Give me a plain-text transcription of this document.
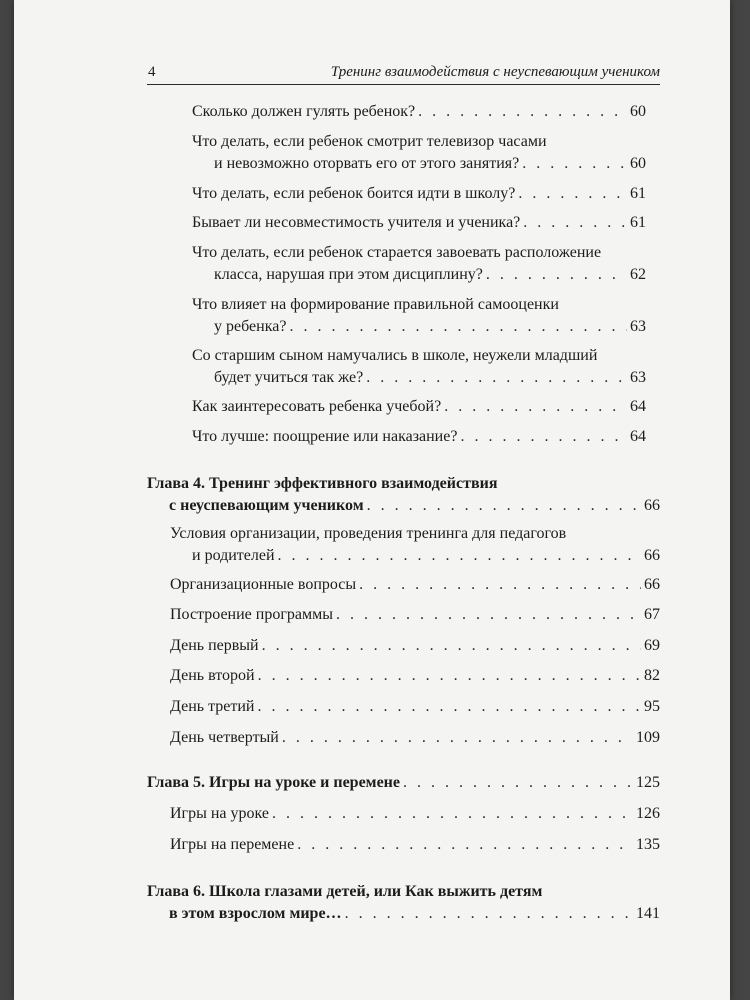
4	Тренинг взаимодействия с неуспевающим учеником
Сколько должен гулять ребенок? . . .	60
Что делать, если ребенок смотрит телевизор часами
и невозможно оторвать его от этого занятия? . . .	60
Что делать, если ребенок боится идти в школу? . . .	61
Бывает ли несовместимость учителя и ученика? . . .	61
Что делать, если ребенок старается завоевать расположение
класса, нарушая при этом дисциплину? . . .	62
Что влияет на формирование правильной самооценки
у ребенка? . . .	63
Со старшим сыном намучались в школе, неужели младший
будет учиться так же? . . .	63
Как заинтересовать ребенка учебой? . . .	64
Что лучше: поощрение или наказание? . . .	64
Глава 4. Тренинг эффективного взаимодействия
с неуспевающим учеником . . .	66
Условия организации, проведения тренинга для педагогов
и родителей . . .	66
Организационные вопросы . . .	66
Построение программы . . .	67
День первый . . .	69
День второй . . .	82
День третий . . .	95
День четвертый . . .	109
Глава 5. Игры на уроке и перемене . . .	125
Игры на уроке . . .	126
Игры на перемене . . .	135
Глава 6. Школа глазами детей, или Как выжить детям
в этом взрослом мире… . . .	141
